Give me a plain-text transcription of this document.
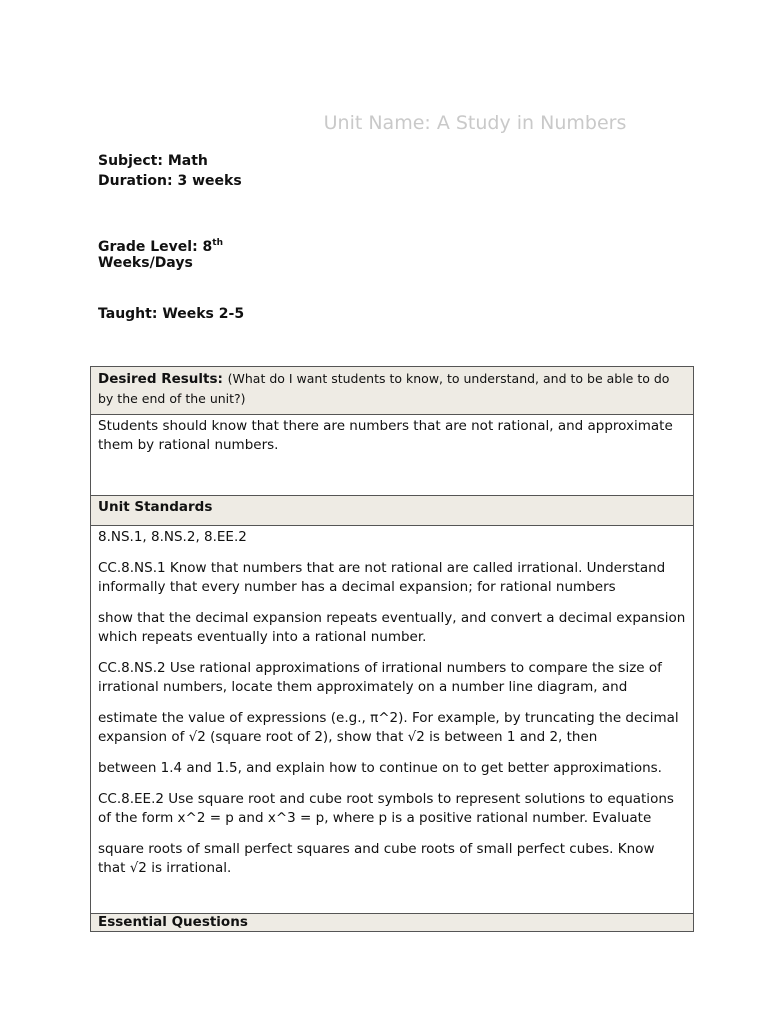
Unit Name: A Study in Numbers
Subject: Math
Duration: 3 weeks
Grade Level: 8th
Weeks/Days
Taught: Weeks 2-5
Desired Results: (What do I want students to know, to understand, and to be able to do by the end of the unit?)
Students should know that there are numbers that are not rational, and approximate them by rational numbers.
Unit Standards

8.NS.1, 8.NS.2, 8.EE.2

CC.8.NS.1 Know that numbers that are not rational are called irrational. Understand informally that every number has a decimal expansion; for rational numbers

show that the decimal expansion repeats eventually, and convert a decimal expansion which repeats eventually into a rational number.

CC.8.NS.2 Use rational approximations of irrational numbers to compare the size of irrational numbers, locate them approximately on a number line diagram, and

estimate the value of expressions (e.g., π^2). For example, by truncating the decimal expansion of √2 (square root of 2), show that √2 is between 1 and 2, then

between 1.4 and 1.5, and explain how to continue on to get better approximations.

CC.8.EE.2 Use square root and cube root symbols to represent solutions to equations of the form x^2 = p and x^3 = p, where p is a positive rational number. Evaluate

square roots of small perfect squares and cube roots of small perfect cubes. Know that √2 is irrational.

Essential Questions
